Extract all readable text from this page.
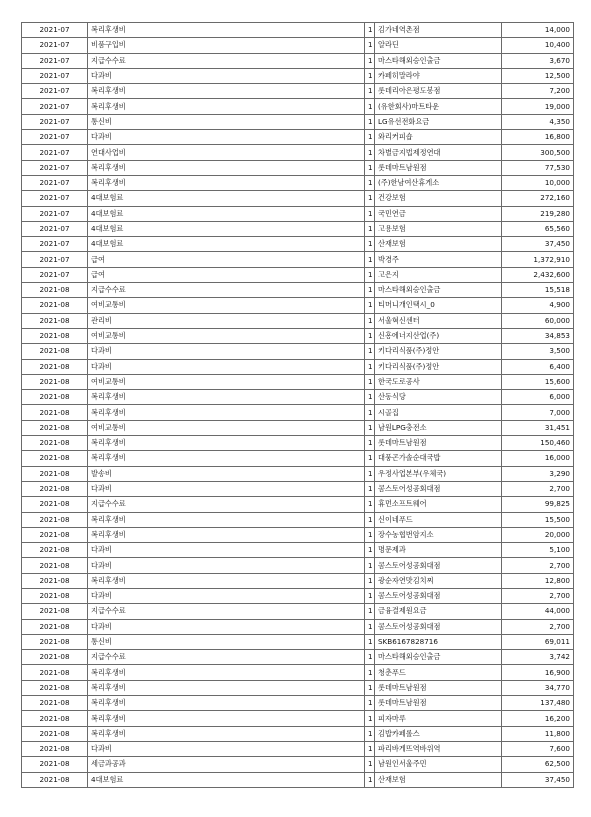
2021-07	복리후생비	1	김가네역촌점	14,000
2021-07	비품구입비	1	알라딘	10,400
2021-07	지급수수료	1	마스타해외승인출금	3,670
2021-07	다과비	1	카페히말라야	12,500
2021-07	복리후생비	1	롯데리아은평도봉점	7,200
2021-07	복리후생비	1	(유한회사)마트타운	19,000
2021-07	통신비	1	LG유선전화요금	4,350
2021-07	다과비	1	와리커피숍	16,800
2021-07	연대사업비	1	차별금지법제정연대	300,500
2021-07	복리후생비	1	롯데마트남원점	77,530
2021-07	복리후생비	1	(주)한남여산휴게소	10,000
2021-07	4대보험료	1	건강보험	272,160
2021-07	4대보험료	1	국민연금	219,280
2021-07	4대보험료	1	고용보험	65,560
2021-07	4대보험료	1	산재보험	37,450
2021-07	급여	1	박경주	1,372,910
2021-07	급여	1	고은지	2,432,600
2021-08	지급수수료	1	마스타해외승인출금	15,518
2021-08	여비교통비	1	티머니개인택시_0	4,900
2021-08	관리비	1	서울혁신센터	60,000
2021-08	여비교통비	1	신흥에너지산업(주)	34,853
2021-08	다과비	1	키다리식품(주)정안	3,500
2021-08	다과비	1	키다리식품(주)정안	6,400
2021-08	여비교통비	1	한국도로공사	15,600
2021-08	복리후생비	1	산동식당	6,000
2021-08	복리후생비	1	시골집	7,000
2021-08	여비교통비	1	남원LPG충전소	31,451
2021-08	복리후생비	1	롯데마트남원점	150,460
2021-08	복리후생비	1	대풍곤가솔순대국밥	16,000
2021-08	발송비	1	우정사업본부(우체국)	3,290
2021-08	다과비	1	콤스토어성공회대점	2,700
2021-08	지급수수료	1	휴먼소프트웨어	99,825
2021-08	복리후생비	1	신이네푸드	15,500
2021-08	복리후생비	1	장수농협번암지소	20,000
2021-08	다과비	1	명문제과	5,100
2021-08	다과비	1	콤스토어성공회대점	2,700
2021-08	복리후생비	1	광순자연맛김치찌	12,800
2021-08	다과비	1	콤스토어성공회대점	2,700
2021-08	지급수수료	1	금융결제원요금	44,000
2021-08	다과비	1	콤스토어성공회대점	2,700
2021-08	통신비	1	SKB6167828716	69,011
2021-08	지급수수료	1	마스타해외승인출금	3,742
2021-08	복리후생비	1	청춘푸드	16,900
2021-08	복리후생비	1	롯데마트남원점	34,770
2021-08	복리후생비	1	롯데마트남원점	137,480
2021-08	복리후생비	1	피자마루	16,200
2021-08	복리후생비	1	김밥카페롤스	11,800
2021-08	다과비	1	파리바게뜨역바위역	7,600
2021-08	세금과공과	1	남원인서울주민	62,500
2021-08	4대보험료	1	산재보험	37,450
